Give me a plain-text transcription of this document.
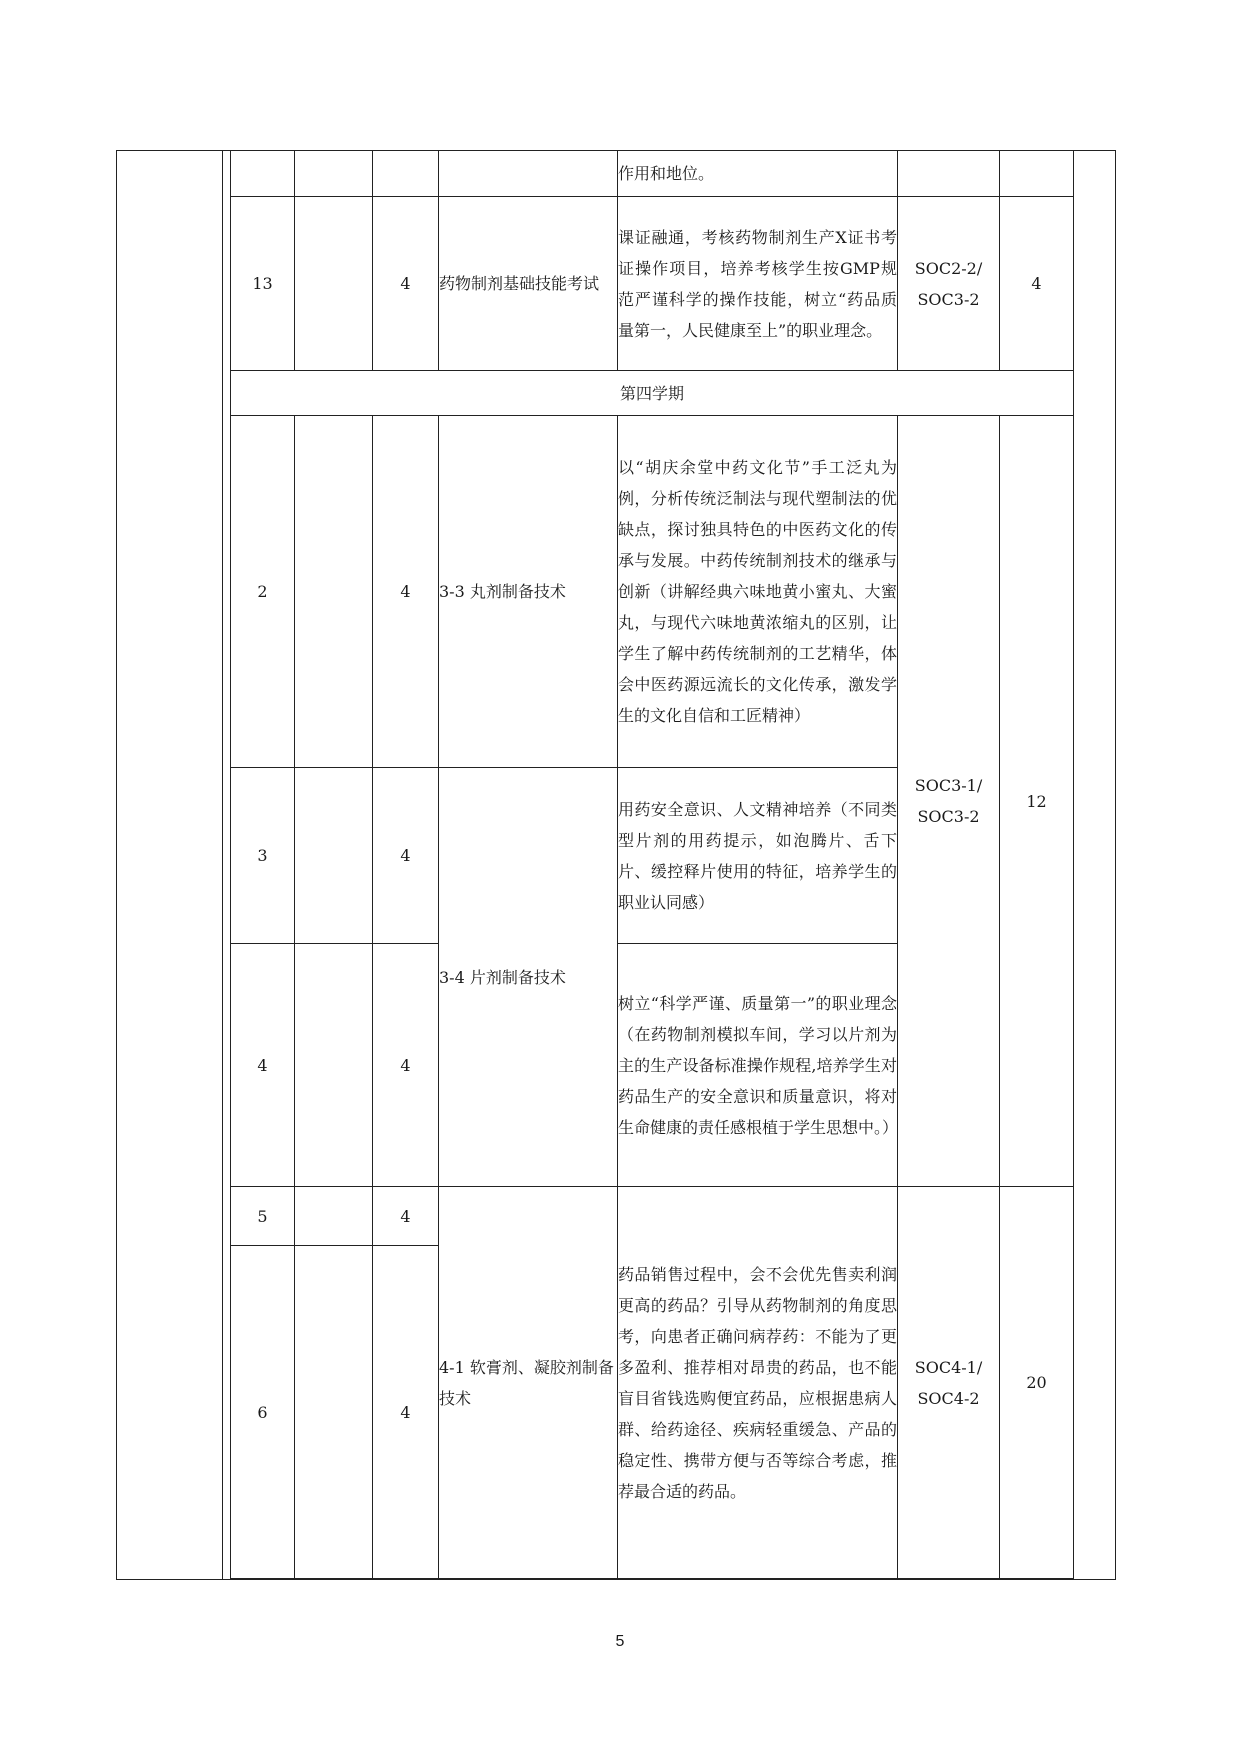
				作用和地位。		
13		4	药物制剂基础技能考试	课证融通，考核药物制剂生产X证书考证操作项目，培养考核学生按GMP规范严谨科学的操作技能，树立“药品质量第一，人民健康至上”的职业理念。	SOC2-2/ SOC3-2	4
第四学期						
2		4	3-3 丸剂制备技术	以“胡庆余堂中药文化节”手工泛丸为例，分析传统泛制法与现代塑制法的优缺点，探讨独具特色的中医药文化的传承与发展。中药传统制剂技术的继承与创新（讲解经典六味地黄小蜜丸、大蜜丸，与现代六味地黄浓缩丸的区别，让学生了解中药传统制剂的工艺精华，体会中医药源远流长的文化传承，激发学生的文化自信和工匠精神）	SOC3-1/ SOC3-2	12
3		4	3-4 片剂制备技术	用药安全意识、人文精神培养（不同类型片剂的用药提示，如泡腾片、舌下片、缓控释片使用的特征，培养学生的职业认同感）		
4		4		树立“科学严谨、质量第一”的职业理念（在药物制剂模拟车间，学习以片剂为主的生产设备标准操作规程,培养学生对药品生产的安全意识和质量意识，将对生命健康的责任感根植于学生思想中。）		
5		4	4-1 软膏剂、凝胶剂制备技术	药品销售过程中，会不会优先售卖利润更高的药品？引导从药物制剂的角度思考，向患者正确问病荐药：不能为了更多盈利、推荐相对昂贵的药品，也不能盲目省钱选购便宜药品，应根据患病人群、给药途径、疾病轻重缓急、产品的稳定性、携带方便与否等综合考虑，推荐最合适的药品。	SOC4-1/ SOC4-2	20
6		4				
5
